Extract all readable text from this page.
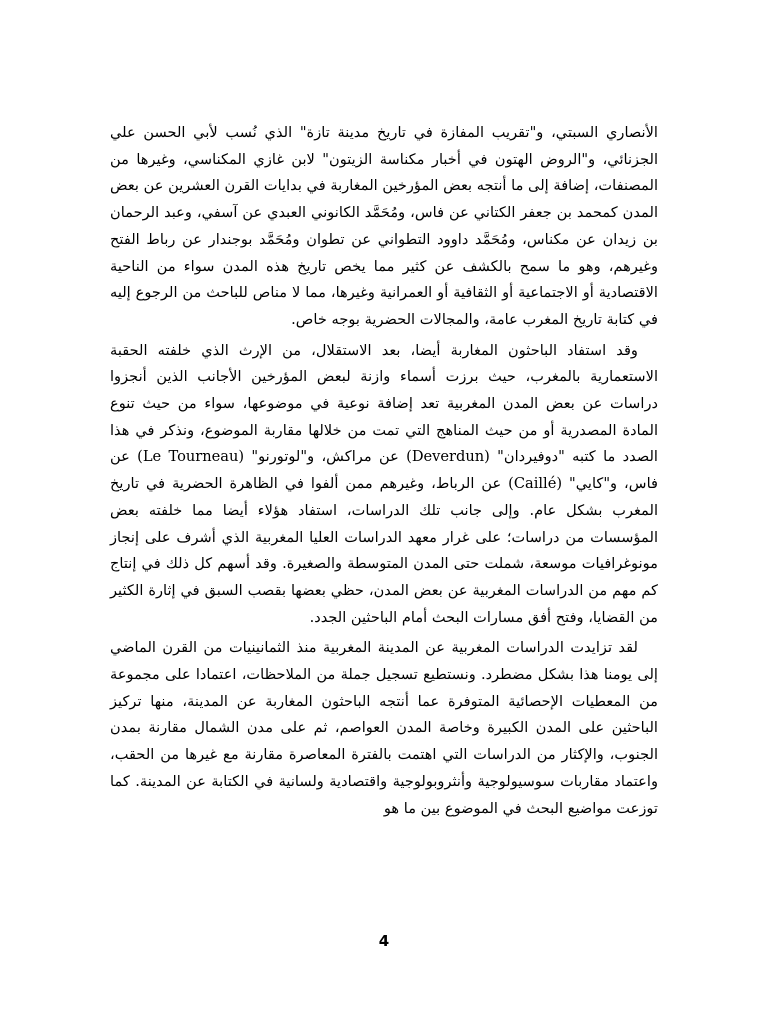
الأنصاري السبتي، و"تقريب المفازة في تاريخ مدينة تازة" الذي نُسب لأبي الحسن علي الجزنائي، و"الروض الهتون في أخبار مكناسة الزيتون" لابن غازي المكناسي، وغيرها من المصنفات، إضافة إلى ما أنتجه بعض المؤرخين المغاربة في بدايات القرن العشرين عن بعض المدن كمحمد بن جعفر الكتاني عن فاس، ومُحَمَّد الكانوني العبدي عن آسفي، وعبد الرحمان بن زيدان عن مكناس، ومُحَمَّد داوود التطواني عن تطوان ومُحَمَّد بوجندار عن رباط الفتح وغيرهم، وهو ما سمح بالكشف عن كثير مما يخص تاريخ هذه المدن سواء من الناحية الاقتصادية أو الاجتماعية أو الثقافية أو العمرانية وغيرها، مما لا مناص للباحث من الرجوع إليه في كتابة تاريخ المغرب عامة، والمجالات الحضرية بوجه خاص.

وقد استفاد الباحثون المغاربة أيضا، بعد الاستقلال، من الإرث الذي خلفته الحقبة الاستعمارية بالمغرب، حيث برزت أسماء وازنة لبعض المؤرخين الأجانب الذين أنجزوا دراسات عن بعض المدن المغربية تعد إضافة نوعية في موضوعها، سواء من حيث تنوع المادة المصدرية أو من حيث المناهج التي تمت من خلالها مقاربة الموضوع، ونذكر في هذا الصدد ما كتبه "دوفيردان" (Deverdun) عن مراكش، و"لوتورنو" (Le Tourneau) عن فاس، و"كايي" (Caillé) عن الرباط، وغيرهم ممن ألفوا في الظاهرة الحضرية في تاريخ المغرب بشكل عام. وإلى جانب تلك الدراسات، استفاد هؤلاء أيضا مما خلفته بعض المؤسسات من دراسات؛ على غرار معهد الدراسات العليا المغربية الذي أشرف على إنجاز مونوغرافيات موسعة، شملت حتى المدن المتوسطة والصغيرة. وقد أسهم كل ذلك في إنتاج كم مهم من الدراسات المغربية عن بعض المدن، حظي بعضها بقصب السبق في إثارة الكثير من القضايا، وفتح أفق مسارات البحث أمام الباحثين الجدد.

لقد تزايدت الدراسات المغربية عن المدينة المغربية منذ الثمانينيات من القرن الماضي إلى يومنا هذا بشكل مضطرد. ونستطيع تسجيل جملة من الملاحظات، اعتمادا على مجموعة من المعطيات الإحصائية المتوفرة عما أنتجه الباحثون المغاربة عن المدينة، منها تركيز الباحثين على المدن الكبيرة وخاصة المدن العواصم، ثم على مدن الشمال مقارنة بمدن الجنوب، والإكثار من الدراسات التي اهتمت بالفترة المعاصرة مقارنة مع غيرها من الحقب، واعتماد مقاربات سوسيولوجية وأنثروبولوجية واقتصادية ولسانية في الكتابة عن المدينة. كما توزعت مواضيع البحث في الموضوع بين ما هو

4
